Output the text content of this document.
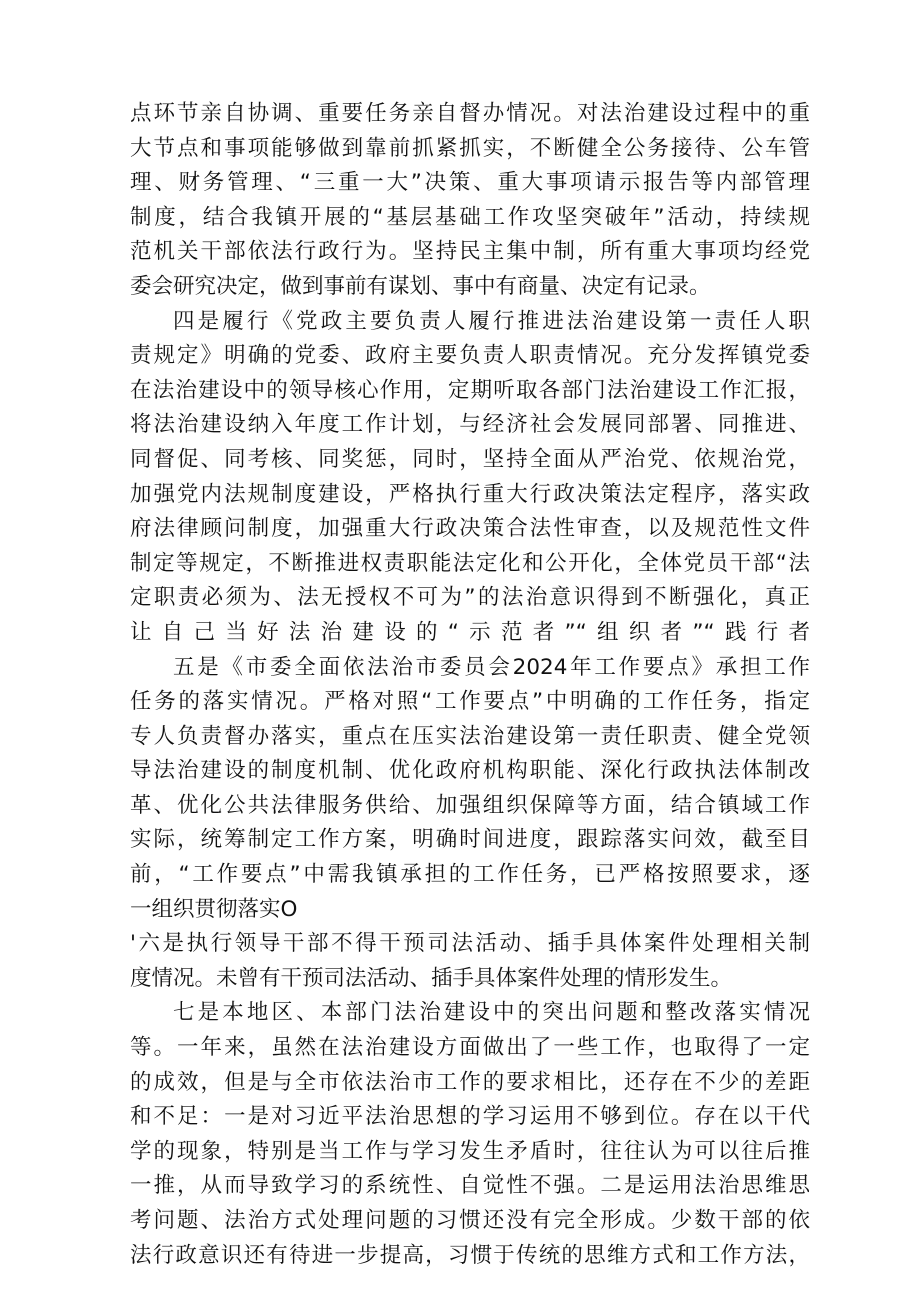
点环节亲自协调、重要任务亲自督办情况。对法治建设过程中的重
大节点和事项能够做到靠前抓紧抓实，不断健全公务接待、公车管
理、财务管理、“三重一大”决策、重大事项请示报告等内部管理
制度，结合我镇开展的“基层基础工作攻坚突破年”活动，持续规
范机关干部依法行政行为。坚持民主集中制，所有重大事项均经党
委会研究决定，做到事前有谋划、事中有商量、决定有记录。
四是履行《党政主要负责人履行推进法治建设第一责任人职
责规定》明确的党委、政府主要负责人职责情况。充分发挥镇党委
在法治建设中的领导核心作用，定期听取各部门法治建设工作汇报，
将法治建设纳入年度工作计划，与经济社会发展同部署、同推进、
同督促、同考核、同奖惩，同时，坚持全面从严治党、依规治党，
加强党内法规制度建设，严格执行重大行政决策法定程序，落实政
府法律顾问制度，加强重大行政决策合法性审查，以及规范性文件
制定等规定，不断推进权责职能法定化和公开化，全体党员干部“法
定职责必须为、法无授权不可为”的法治意识得到不断强化，真正
让自己当好法治建设的“示范者”“组织者”“践行者
五是《市委全面依法治市委员会2024年工作要点》承担工作
任务的落实情况。严格对照“工作要点”中明确的工作任务，指定
专人负责督办落实，重点在压实法治建设第一责任职责、健全党领
导法治建设的制度机制、优化政府机构职能、深化行政执法体制改
革、优化公共法律服务供给、加强组织保障等方面，结合镇域工作
实际，统筹制定工作方案，明确时间进度，跟踪落实问效，截至目
前，“工作要点”中需我镇承担的工作任务，已严格按照要求，逐
一组织贯彻落实O
'六是执行领导干部不得干预司法活动、插手具体案件处理相关制
度情况。未曾有干预司法活动、插手具体案件处理的情形发生。
七是本地区、本部门法治建设中的突出问题和整改落实情况
等。一年来，虽然在法治建设方面做出了一些工作，也取得了一定
的成效，但是与全市依法治市工作的要求相比，还存在不少的差距
和不足：一是对习近平法治思想的学习运用不够到位。存在以干代
学的现象，特别是当工作与学习发生矛盾时，往往认为可以往后推
一推，从而导致学习的系统性、自觉性不强。二是运用法治思维思
考问题、法治方式处理问题的习惯还没有完全形成。少数干部的依
法行政意识还有待进一步提高，习惯于传统的思维方式和工作方法，
